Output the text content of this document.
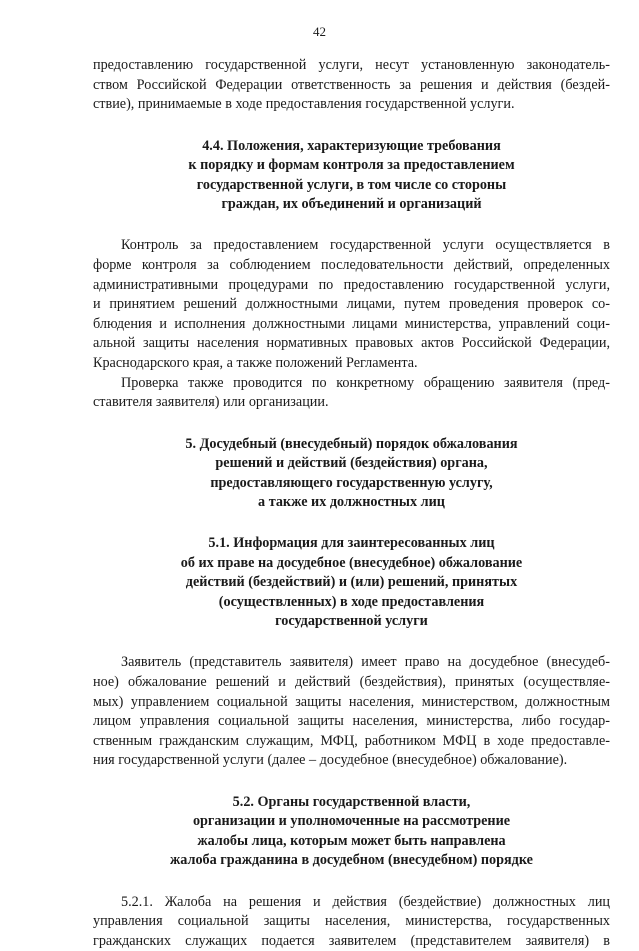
42
предоставлению государственной услуги, несут установленную законодатель-
ством Российской Федерации ответственность за решения и действия (бездей-
ствие), принимаемые в ходе предоставления государственной услуги.
4.4. Положения, характеризующие требования
к порядку и формам контроля за предоставлением
государственной услуги, в том числе со стороны
граждан, их объединений и организаций
Контроль за предоставлением государственной услуги осуществляется в
форме контроля за соблюдением последовательности действий, определенных
административными процедурами по предоставлению государственной услуги,
и принятием решений должностными лицами, путем проведения проверок со-
блюдения и исполнения должностными лицами министерства, управлений соци-
альной защиты населения нормативных правовых актов Российской Федерации,
Краснодарского края, а также положений Регламента.
Проверка также проводится по конкретному обращению заявителя (пред-
ставителя заявителя) или организации.
5. Досудебный (внесудебный) порядок обжалования
решений и действий (бездействия) органа,
предоставляющего государственную услугу,
а также их должностных лиц
5.1. Информация для заинтересованных лиц
об их праве на досудебное (внесудебное) обжалование
действий (бездействий) и (или) решений, принятых
(осуществленных) в ходе предоставления
государственной услуги
Заявитель (представитель заявителя) имеет право на досудебное (внесудеб-
ное) обжалование решений и действий (бездействия), принятых (осуществляе-
мых) управлением социальной защиты населения, министерством, должностным
лицом управления социальной защиты населения, министерства, либо государ-
ственным гражданским служащим, МФЦ, работником МФЦ в ходе предоставле-
ния государственной услуги (далее – досудебное (внесудебное) обжалование).
5.2. Органы государственной власти,
организации и уполномоченные на рассмотрение
жалобы лица, которым может быть направлена
жалоба гражданина в досудебном (внесудебном) порядке
5.2.1. Жалоба на решения и действия (бездействие) должностных лиц
управления социальной защиты населения, министерства, государственных
гражданских служащих подается заявителем (представителем заявителя) в
